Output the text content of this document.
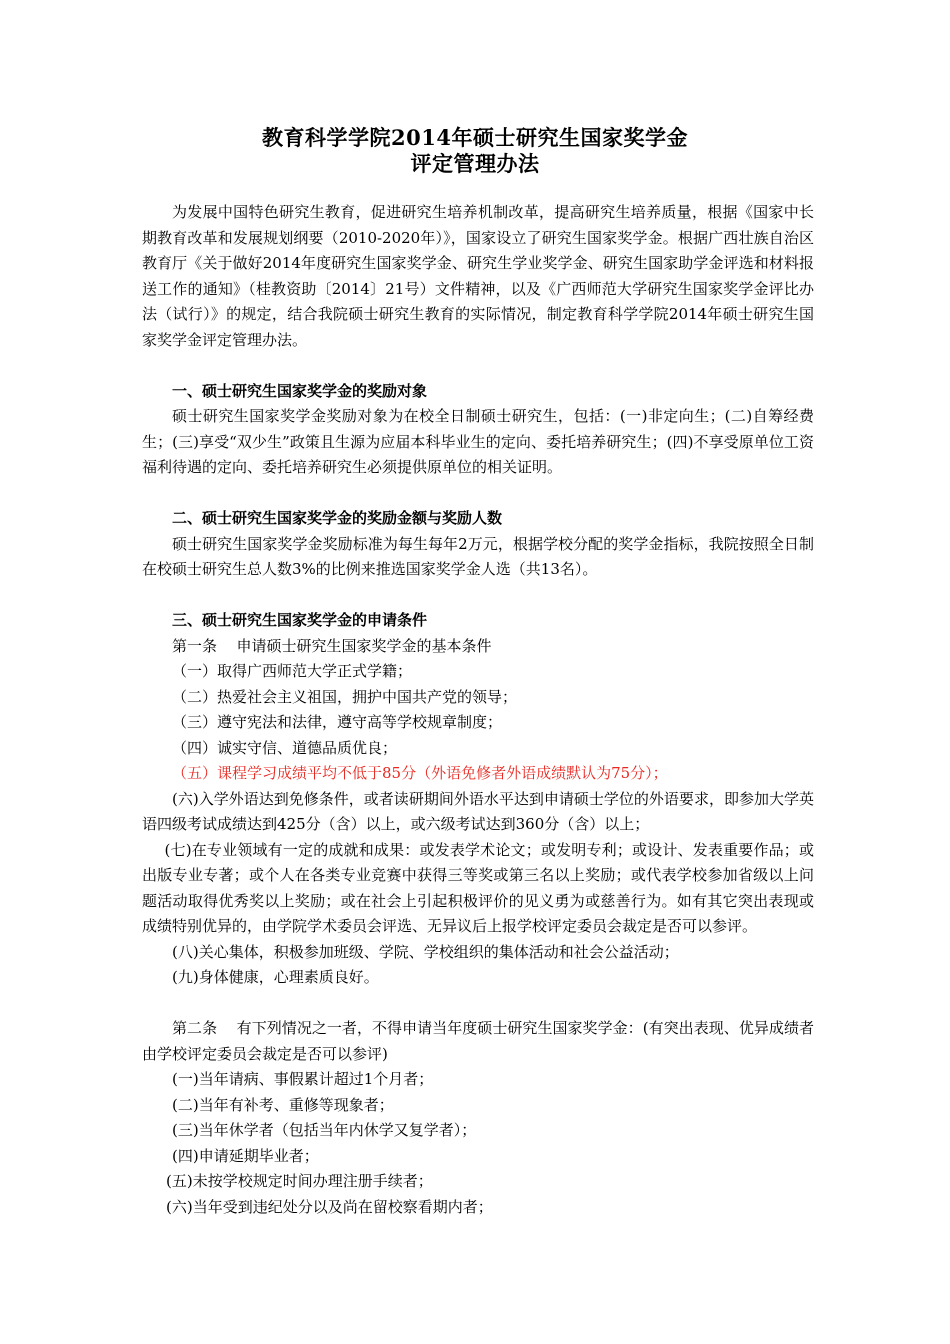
教育科学学院2014年硕士研究生国家奖学金
评定管理办法

为发展中国特色研究生教育，促进研究生培养机制改革，提高研究生培养质量，根据《国家中长期教育改革和发展规划纲要（2010-2020年）》，国家设立了研究生国家奖学金。根据广西壮族自治区教育厅《关于做好2014年度研究生国家奖学金、研究生学业奖学金、研究生国家助学金评选和材料报送工作的通知》（桂教资助〔2014〕21号）文件精神，以及《广西师范大学研究生国家奖学金评比办法（试行）》的规定，结合我院硕士研究生教育的实际情况，制定教育科学学院2014年硕士研究生国家奖学金评定管理办法。

一、硕士研究生国家奖学金的奖励对象

硕士研究生国家奖学金奖励对象为在校全日制硕士研究生，包括：(一)非定向生；(二)自筹经费生；(三)享受“双少生”政策且生源为应届本科毕业生的定向、委托培养研究生；(四)不享受原单位工资福利待遇的定向、委托培养研究生必须提供原单位的相关证明。

二、硕士研究生国家奖学金的奖励金额与奖励人数

硕士研究生国家奖学金奖励标准为每生每年2万元，根据学校分配的奖学金指标，我院按照全日制在校硕士研究生总人数3%的比例来推选国家奖学金人选（共13名）。

三、硕士研究生国家奖学金的申请条件

第一条 申请硕士研究生国家奖学金的基本条件

（一）取得广西师范大学正式学籍；

（二）热爱社会主义祖国，拥护中国共产党的领导；

（三）遵守宪法和法律，遵守高等学校规章制度；

（四）诚实守信、道德品质优良；

（五）课程学习成绩平均不低于85分（外语免修者外语成绩默认为75分）；

(六)入学外语达到免修条件，或者读研期间外语水平达到申请硕士学位的外语要求，即参加大学英语四级考试成绩达到425分（含）以上，或六级考试达到360分（含）以上；

(七)在专业领域有一定的成就和成果：或发表学术论文；或发明专利；或设计、发表重要作品；或出版专业专著；或个人在各类专业竞赛中获得三等奖或第三名以上奖励；或代表学校参加省级以上问题活动取得优秀奖以上奖励；或在社会上引起积极评价的见义勇为或慈善行为。如有其它突出表现或成绩特别优异的，由学院学术委员会评选、无异议后上报学校评定委员会裁定是否可以参评。

(八)关心集体，积极参加班级、学院、学校组织的集体活动和社会公益活动；

(九)身体健康，心理素质良好。

第二条 有下列情况之一者，不得申请当年度硕士研究生国家奖学金：(有突出表现、优异成绩者由学校评定委员会裁定是否可以参评)

(一)当年请病、事假累计超过1个月者；

(二)当年有补考、重修等现象者；

(三)当年休学者（包括当年内休学又复学者）；

(四)申请延期毕业者；

(五)未按学校规定时间办理注册手续者；

(六)当年受到违纪处分以及尚在留校察看期内者；
